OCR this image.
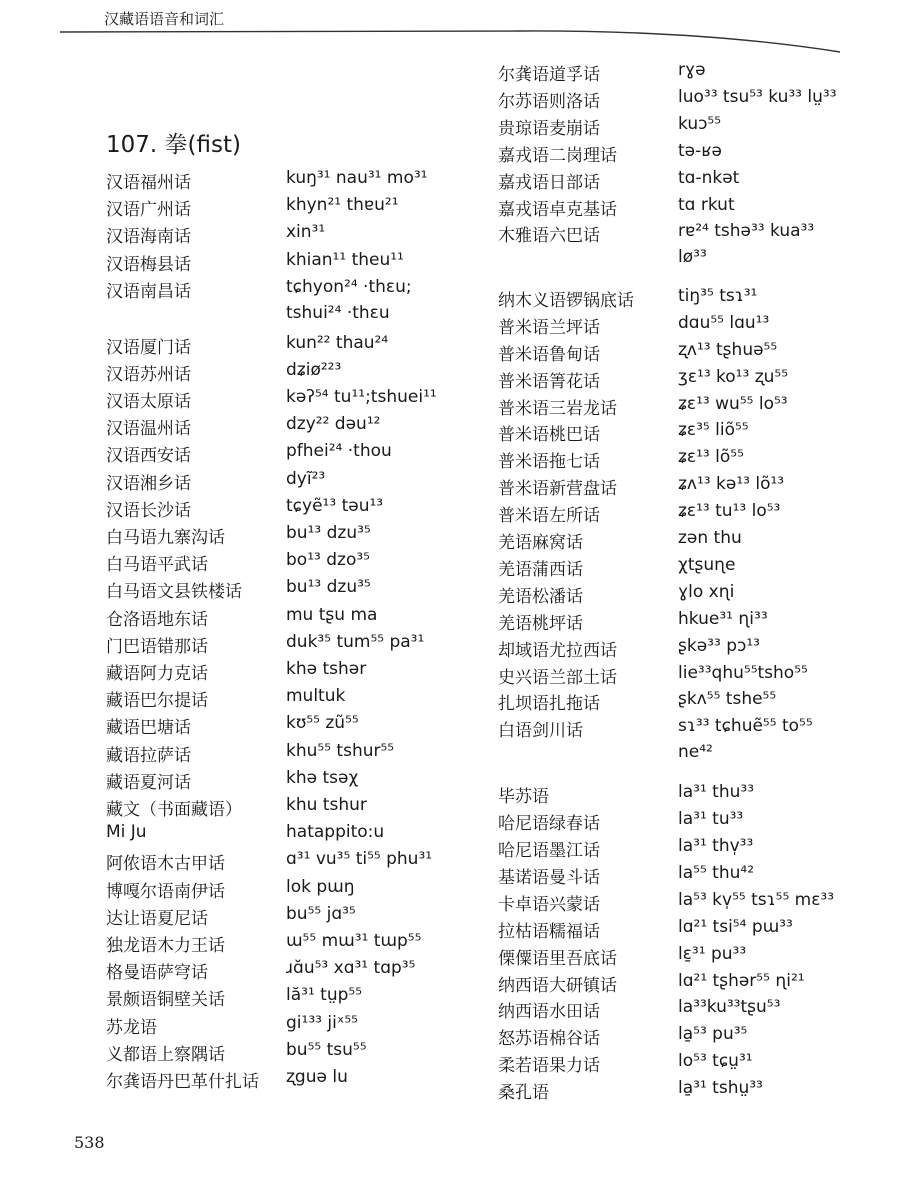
汉藏语语音和词汇
107. 拳(fist)
汉语福州话	kuŋ³¹ nau³¹ mo³¹
汉语广州话	khyn²¹ thɐu²¹
汉语海南话	xin³¹
汉语梅县话	khian¹¹ theu¹¹
汉语南昌话	tɕhyon²⁴ ·thɛu;
tshui²⁴ ·thɛu
汉语厦门话	kun²² thau²⁴
汉语苏州话	dʑiø²²³
汉语太原话	kəʔ⁵⁴ tu¹¹;tshuei¹¹
汉语温州话	dzy²² dəu¹²
汉语西安话	pfhei²⁴ ·thou
汉语湘乡话	dyĩ²³
汉语长沙话	tɕyẽ¹³ təu¹³
白马语九寨沟话	bu¹³ dzu³⁵
白马语平武话	bo¹³ dzo³⁵
白马语文县铁楼话	bu¹³ dzu³⁵
仓洛语地东话	mu tʂu ma
门巴语错那话	duk³⁵ tum⁵⁵ pa³¹
藏语阿力克话	khə tshər
藏语巴尔提话	multuk
藏语巴塘话	kʊ⁵⁵ zũ⁵⁵
藏语拉萨话	khu⁵⁵ tshur⁵⁵
藏语夏河话	khə tsəχ
藏文（书面藏语）	khu tshur
Mi Ju	hatappito:u
阿侬语木古甲话	ɑ³¹ vu³⁵ ti⁵⁵ phu³¹
博嘎尔语南伊话	lok pɯŋ
达让语夏尼话	bu⁵⁵ jɑ³⁵
独龙语木力王话	ɯ⁵⁵ mɯ³¹ tɯp⁵⁵
格曼语萨穹话	ɹɑ̆u⁵³ xɑ³¹ tɑp³⁵
景颇语铜壁关话	lă³¹ tṳp⁵⁵
苏龙语	gi¹³³ jiˣ⁵⁵
义都语上察隅话	bu⁵⁵ tsu⁵⁵
尔龚语丹巴革什扎话 ʐguə lu
尔龚语道孚话	rɣə
尔苏语则洛话	luo³³ tsu⁵³ ku³³ lṳ³³
贵琼语麦崩话	kuɔ⁵⁵
嘉戎语二岗理话	tə-ʁə
嘉戎语日部话	tɑ-nkət
嘉戎语卓克基话	tɑ rkut
木雅语六巴话	rɐ²⁴ tshə³³ kua³³
lø³³
纳木义语锣锅底话	tiŋ³⁵ tsɿ³¹
普米语兰坪话	dɑu⁵⁵ lɑu¹³
普米语鲁甸话	ʐʌ¹³ tʂhuə⁵⁵
普米语箐花话	ʒɛ¹³ ko¹³ ʐu⁵⁵
普米语三岩龙话	ʑɛ¹³ wu⁵⁵ lo⁵³
普米语桃巴话	ʑɛ³⁵ liõ⁵⁵
普米语拖七话	ʑɛ¹³ lõ⁵⁵
普米语新营盘话	ʑʌ¹³ kə¹³ lõ¹³
普米语左所话	ʑɛ¹³ tu¹³ lo⁵³
羌语麻窝话	zən thu
羌语蒲西话	χtʂuɳe
羌语松潘话	ɣlo xɳi
羌语桃坪话	hkue³¹ ɳi³³
却域语尤拉西话	ʂkə³³ pɔ¹³
史兴语兰部土话	lie³³qhu⁵⁵tsho⁵⁵
扎坝语扎拖话	ʂkʌ⁵⁵ tshe⁵⁵
白语剑川话	sɿ³³ tɕhuẽ⁵⁵ to⁵⁵
ne⁴²
毕苏语	la³¹ thu³³
哈尼语绿春话	la³¹ tu³³
哈尼语墨江话	la³¹ thv̩³³
基诺语曼斗话	la⁵⁵ thu⁴²
卡卓语兴蒙话	la⁵³ kv̩⁵⁵ tsɿ⁵⁵ mɛ³³
拉枯语糯福话	lɑ²¹ tsi⁵⁴ pɯ³³
傈僳语里吾底话	lɛ̱³¹ pu³³
纳西语大研镇话	lɑ²¹ tʂhər⁵⁵ ɳi²¹
纳西语水田话	la³³ku³³tʂu⁵³
怒苏语棉谷话	la̱⁵³ pu³⁵
柔若语果力话	lo⁵³ tɕṳ³¹
桑孔语	la̱³¹ tshṳ³³
538
